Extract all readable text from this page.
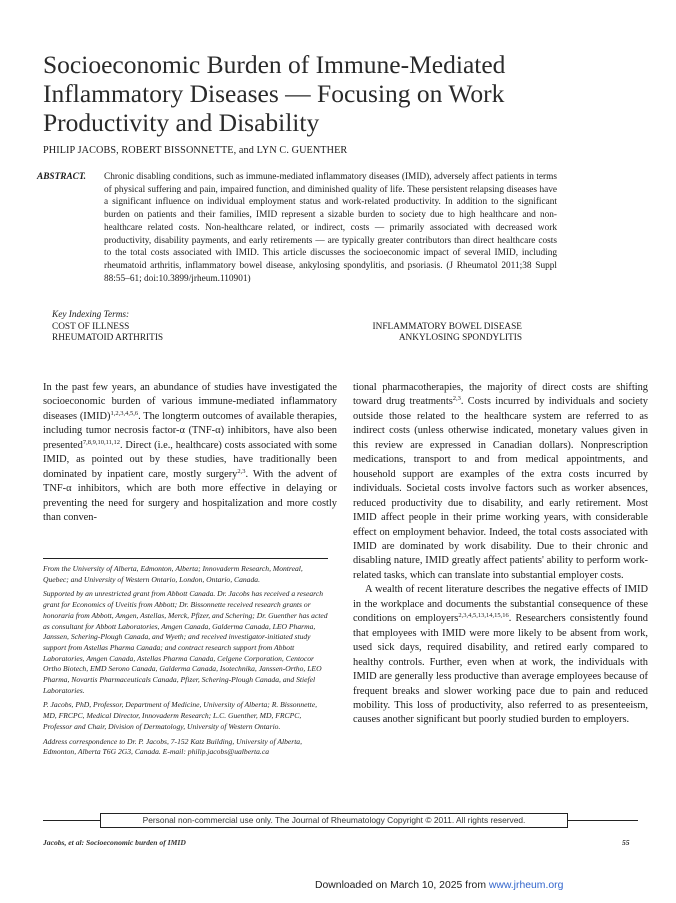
Socioeconomic Burden of Immune-Mediated Inflammatory Diseases — Focusing on Work Productivity and Disability
PHILIP JACOBS, ROBERT BISSONNETTE, and LYN C. GUENTHER
ABSTRACT.	Chronic disabling conditions, such as immune-mediated inflammatory diseases (IMID), adversely affect patients in terms of physical suffering and pain, impaired function, and diminished quality of life. These persistent relapsing diseases have a significant influence on individual employment status and work-related productivity. In addition to the significant burden on patients and their families, IMID represent a sizable burden to society due to high healthcare and non-healthcare related costs. Non-healthcare related, or indirect, costs — primarily associated with decreased work productivity, disability payments, and early retirements — are typically greater contributors than direct healthcare costs to the total costs associated with IMID. This article discusses the socioeconomic impact of several IMID, including rheumatoid arthritis, inflammatory bowel disease, ankylosing spondylitis, and psoriasis. (J Rheumatol 2011;38 Suppl 88:55–61; doi:10.3899/jrheum.110901)
Key Indexing Terms:
COST OF ILLNESS
RHEUMATOID ARTHRITIS
INFLAMMATORY BOWEL DISEASE
ANKYLOSING SPONDYLITIS

In the past few years, an abundance of studies have investigated the socioeconomic burden of various immune-mediated inflammatory diseases (IMID)$^{1,2,3,4,5,6}$. The longterm outcomes of available therapies, including tumor necrosis factor-α (TNF-α) inhibitors, have also been presented$^{7,8,9,10,11,12}$. Direct (i.e., healthcare) costs associated with some IMID, as pointed out by these studies, have traditionally been dominated by inpatient care, mostly surgery$^{2,3}$. With the advent of TNF-α inhibitors, which are both more effective in delaying or preventing the need for surgery and hospitalization and more costly than conven-

From the University of Alberta, Edmonton, Alberta; Innovaderm Research, Montreal, Quebec; and University of Western Ontario, London, Ontario, Canada.

Supported by an unrestricted grant from Abbott Canada. Dr. Jacobs has received a research grant for Economics of Uveitis from Abbott; Dr. Bissonnette received research grants or honoraria from Abbott, Amgen, Astellas, Merck, Pfizer, and Schering; Dr. Guenther has acted as consultant for Abbott Laboratories, Amgen Canada, Galderma Canada, LEO Pharma, Janssen, Schering-Plough Canada, and Wyeth; and received investigator-initiated study support from Astellas Pharma Canada; and contract research support from Abbott Laboratories, Amgen Canada, Astellas Pharma Canada, Celgene Corporation, Centocor Ortho Biotech, EMD Serono Canada, Galderma Canada, Isotechnika, Janssen-Ortho, LEO Pharma, Novartis Pharmaceuticals Canada, Pfizer, Schering-Plough Canada, and Stiefel Laboratories.

P. Jacobs, PhD, Professor, Department of Medicine, University of Alberta; R. Bissonnette, MD, FRCPC, Medical Director, Innovaderm Research; L.C. Guenther, MD, FRCPC, Professor and Chair, Division of Dermatology, University of Western Ontario.

Address correspondence to Dr. P. Jacobs, 7-152 Katz Building, University of Alberta, Edmonton, Alberta T6G 2G3, Canada. E-mail: philip.jacobs@ualberta.ca

tional pharmacotherapies, the majority of direct costs are shifting toward drug treatments$^{2,3}$. Costs incurred by individuals and society outside those related to the healthcare system are referred to as indirect costs (unless otherwise indicated, monetary values given in this review are expressed in Canadian dollars). Nonprescription medications, transport to and from medical appointments, and household support are examples of the extra costs incurred by individuals. Societal costs involve factors such as worker absences, reduced productivity due to disability, and early retirement. Most IMID affect people in their prime working years, with considerable effect on employment behavior. Indeed, the total costs associated with IMID are dominated by work disability. Due to their chronic and disabling nature, IMID greatly affect patients' ability to perform work-related tasks, which can translate into substantial employer costs.

A wealth of recent literature describes the negative effects of IMID in the workplace and documents the substantial consequence of these conditions on employers$^{2,3,4,5,13,14,15,16}$. Researchers consistently found that employees with IMID were more likely to be absent from work, used sick days, required disability, and retired early compared to healthy controls. Further, even when at work, the individuals with IMID are generally less productive than average employees because of frequent breaks and slower working pace due to pain and reduced mobility. This loss of productivity, also referred to as presenteeism, causes another significant but poorly studied burden to employers.

Personal non-commercial use only. The Journal of Rheumatology Copyright © 2011. All rights reserved.
Jacobs, et al: Socioeconomic burden of IMID	55
Downloaded on March 10, 2025 from www.jrheum.org
